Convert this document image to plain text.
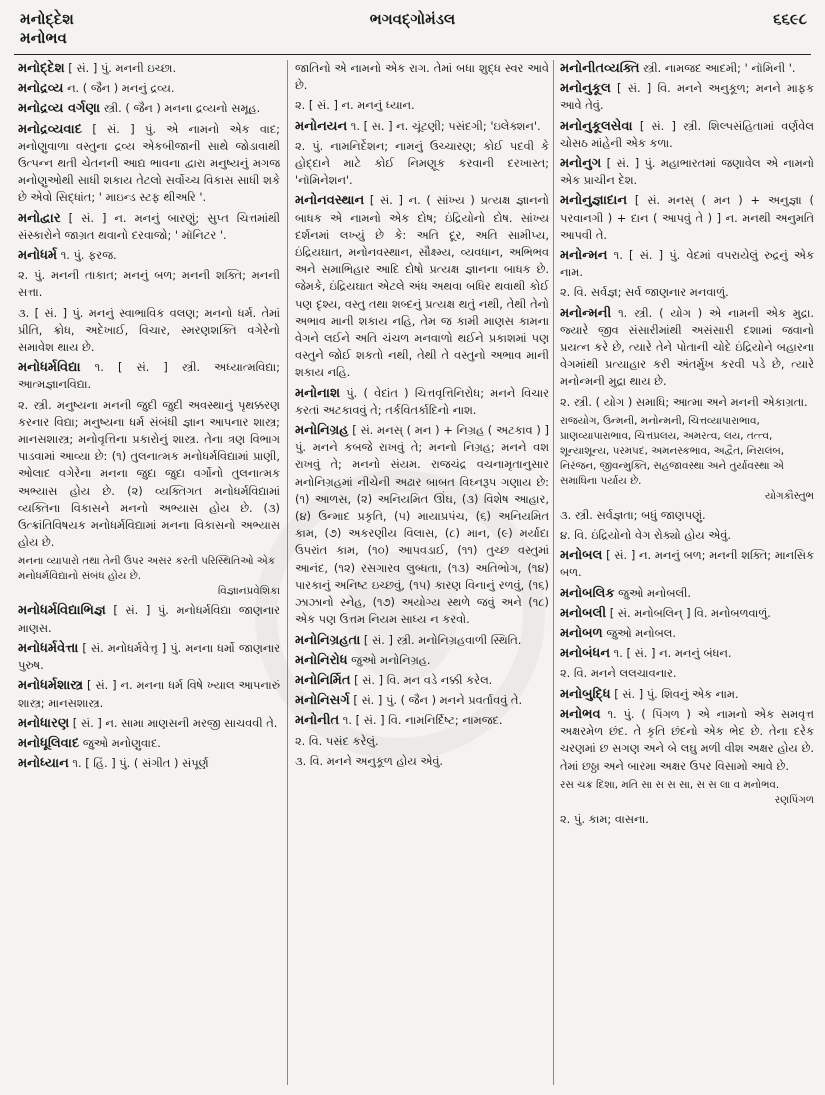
મનોદ્દેશ
મનોભવ
ભગવદ્ગોમંડલ	૬૬૯૮
મનોદ્દેશ [ સં. ] પું. મનની ઇચ્છા.
મનોદ્રવ્ય ન. ( જૈન ) મનનું દ્રવ્ય.
મનોદ્રવ્ય વર્ગણા સ્ત્રી. ( જૈન ) મનના દ્રવ્યનો સમૂહ.
મનોદ્રવ્યવાદ [ સં. ] પું. એ નામનો એક વાદ; મનોણુવાળા વસ્તુના દ્રવ્ય એકબીજાની સાથે જોડાવાથી ઉત્પન્ન થતી ચેતનની આદ્ય ભાવના દ્વારા મનુષ્યનું મગજ મનોણુઓથી સાધી શકાય તેટલો સર્વોચ્ચ વિકાસ સાધી શકે છે એવો સિદ્ધાંત; ' માઇન્ડ સ્ટફ થીઅરિ '.
મનોદ્વાર [ સં. ] ન. મનનું બારણું; સુપ્ત ચિત્તમાંથી સંસ્કારોને જાગ્રત થવાનો દરવાજો; ' મૉનિટર '.
મનોધર્મ ૧. પું. ફરજ.
૨. પું. મનની તાકાત; મનનું બળ; મનની શક્તિ; મનની સત્તા.
૩. [ સં. ] પું. મનનું સ્વાભાવિક વલણ; મનનો ધર્મ. તેમાં પ્રીતિ, ક્રોધ, અદેખાઈ, વિચાર, સ્મરણશક્તિ વગેરેનો સમાવેશ થાય છે.
મનોધર્મવિદ્યા ૧. [ સં. ] સ્ત્રી. અધ્યાત્મવિદ્યા; આત્મજ્ઞાનવિદ્યા.
૨. સ્ત્રી. મનુષ્યના મનની જુદી જુદી અવસ્થાનું પૃથક્કરણ કરનાર વિદ્યા; મનુષ્યના ધર્મ સંબંધી જ્ઞાન આપનાર શાસ્ત્ર; માનસશાસ્ત્ર; મનોવૃત્તિના પ્રકારોનું શાસ્ત્ર. તેના ત્રણ વિભાગ પાડવામાં આવ્યા છે: (૧) તુલનાત્મક મનોધર્મવિદ્યામાં પ્રાણી, ઓલાદ વગેરેના મનના જુદા જુદા વર્ગોનો તુલનાત્મક અભ્યાસ હોય છે. (૨) વ્યક્તિગત મનોધર્મવિદ્યામાં વ્યક્તિના વિકાસને મનનો અભ્યાસ હોય છે. (૩) ઉત્ક્રાંતિવિષયક મનોધર્મવિદ્યામાં મનના વિકાસનો અભ્યાસ હોય છે.
મનના વ્યાપારો તથા તેની ઉપર અસર કરતી પરિસ્થિતિઓ એક મનોધર્મવિદ્યાનો સંબંધ હોય છે.
વિજ્ઞાનપ્રવેશિકા
મનોધર્મવિદ્યાભિજ્ઞ [ સં. ] પું. મનોધર્મવિદ્યા જાણનાર માણસ.
મનોધર્મવેત્તા [ સં. મનોધર્મવેત્તૃ ] પું. મનના ધર્મો જાણનાર પુરુષ.
મનોધર્મશાસ્ત્ર [ સં. ] ન. મનના ધર્મ વિષે ખ્યાલ આપનારું શાસ્ત્ર; માનસશાસ્ત્ર.
મનોધારણ [ સં. ] ન. સામા માણસની મરજી સાચવવી તે.
મનોધૂલિવાદ જુઓ મનોણુવાદ.
મનોધ્યાન ૧. [ હિં. ] પું. ( સંગીત ) સંપૂર્ણ
જાતિનો એ નામનો એક રાગ. તેમાં બધા શુદ્ધ સ્વર આવે છે.
૨. [ સં. ] ન. મનનું ધ્યાન.
મનોનયન ૧. [ સ. ] ન. ચૂંટણી; પસંદગી; 'ઇલેક્શન'.
૨. પું. નામનિર્દેશન; નામનું ઉચ્ચારણ; કોઈ પદવી કે હોદ્દાને માટે કોઈ નિમણૂક કરવાની દરખાસ્ત; 'નૉમિનેશન'.
મનોનવસ્થાન [ સં. ] ન. ( સાંખ્ય ) પ્રત્યક્ષ જ્ઞાનનો બાધક એ નામનો એક દોષ; ઇંદ્રિયોનો દોષ. સાંખ્ય દર્શનમાં લખ્યું છે કે: અતિ દૂર, અતિ સામીપ્ય, ઇંદ્રિયઘાત, મનોનવસ્થાન, સૌક્ષ્મ્ય, વ્યવધાન, અભિભવ અને સમાભિહાર આદિ દોષો પ્રત્યક્ષ જ્ઞાનના બાધક છે. જેમકે, ઇંદ્રિયઘાત એટલે અંધ અથવા બધિર થવાથી કોઈ પણ દૃશ્ય, વસ્તુ તથા શબ્દનું પ્રત્યક્ષ થતું નથી, તેથી તેનો અભાવ માની શકાય નહિ, તેમ જ કામી માણસ કામના વેગને લઈને અતિ ચંચળ મનવાળો થઈને પ્રકાશમાં પણ વસ્તુને જોઈ શકતો નથી, તેથી તે વસ્તુનો અભાવ માની શકાય નહિ.
મનોનાશ પું. ( વેદાંત ) ચિત્તવૃત્તિનિરોધ; મનને વિચાર કરતાં અટકાવવું તે; તર્કવિતર્કાદિનો નાશ.
મનોનિગ્રહ [ સં. મનસ્ ( મન ) + નિગ્રહ ( અટકાવ ) ] પું. મનને કબજે રાખવું તે; મનનો નિગ્રહ; મનને વશ રાખવું તે; મનનો સંયમ. રાજચંદ્ર વચનામૃતાનુસાર મનોનિગ્રહમાં નીચેની અઢાર બાબત વિઘ્નરૂપ ગણાય છે: (૧) આળસ, (૨) અનિયમિત ઊંઘ, (૩) વિશેષ આહાર, (૪) ઉન્માદ પ્રકૃતિ, (૫) માયાપ્રપંચ, (૬) અનિયમિત કામ, (૭) અકરણીય વિલાસ, (૮) માન, (૯) મર્યાદા ઉપરાંત કામ, (૧૦) આપવડાઈ, (૧૧) તુચ્છ વસ્તુમાં આનંદ, (૧૨) રસગારવ લુબ્ધતા, (૧૩) અતિભોગ, (૧૪) પારકાનું અનિષ્ટ ઇચ્છવું, (૧૫) કારણ વિનાનું રળવું, (૧૬) ઝાઝાનો સ્નેહ, (૧૭) અયોગ્ય સ્થળે જવું અને (૧૮) એક પણ ઉત્તમ નિયમ સાધ્ય ન કરવો.
મનોનિગ્રહતા [ સં. ] સ્ત્રી. મનોનિગ્રહવાળી સ્થિતિ.
મનોનિરોધ જુઓ મનોનિગ્રહ.
મનોનિર્મિત [ સં. ] વિ. મન વડે નક્કી કરેલ.
મનોનિસર્ગ [ સં. ] પું. ( જૈન ) મનને પ્રવર્તાવવું તે.
મનોનીત ૧. [ સં. ] વિ. નામનિર્દિષ્ટ; નામજદ.
૨. વિ. પસંદ કરેલું.
૩. વિ. મનને અનુકૂળ હોય એવું.
મનોનીતવ્યક્તિ સ્ત્રી. નામજદ આદમી; ' નૉમિની '.
મનોનુકૂલ [ સં. ] વિ. મનને અનુકૂળ; મનને માફક આવે તેવું.
મનોનુકૂલસેવા [ સં. ] સ્ત્રી. શિલ્પસંહિતામાં વર્ણવેલ ચોસઠ માંહેની એક કળા.
મનોનુગ [ સં. ] પું. મહાભારતમાં જણાવેલ એ નામનો એક પ્રાચીન દેશ.
મનોનુજ્ઞાદાન [ સં. મનસ્ ( મન ) + અનુજ્ઞા ( પરવાનગી ) + દાન ( આપવું તે ) ] ન. મનથી અનુમતિ આપવી તે.
મનોન્મન ૧. [ સં. ] પું. વેદમાં વપરાયેલું રુદ્રનું એક નામ.
૨. વિ. સર્વજ્ઞ; સર્વ જાણનાર મનવાળું.
મનોન્મની ૧. સ્ત્રી. ( યોગ ) એ નામની એક મુદ્રા. જ્યારે જીવ સંસારીમાંથી અસંસારી દશામાં જવાનો પ્રયત્ન કરે છે, ત્યારે તેને પોતાની ચોદે ઇંદ્રિયોને બહારના વેગમાંથી પ્રત્યાહાર કરી અંતર્મુખ કરવી પડે છે, ત્યારે મનોન્મની મુદ્રા થાય છે.
૨. સ્ત્રી. ( યોગ ) સમાધિ; આત્મા અને મનની એકાગ્રતા.
રાજયોગ, ઉન્મની, મનોન્મની, ચિત્તવ્યાપારાભાવ, પ્રાણવ્યાપારાભાવ, ચિત્તપ્રલય, અમરત્વ, લય, તત્ત્વ, શૂન્યાશૂન્ય, પરમપદ, અમનસ્કભાવ, અદ્વૈત, નિરાલંબ, નિરંજન, જીવન્મુક્તિ, સહજાવસ્થા અને તુર્યાવસ્થા એ સમાધિના પર્યાય છે.
યોગકૌસ્તુભ
૩. સ્ત્રી. સર્વજ્ઞતા; બધું જાણપણું.
૪. વિ. ઇંદ્રિયોનો વેગ રોક્યો હોય એવું.
મનોબલ [ સં. ] ન. મનનું બળ; મનની શક્તિ; માનસિક બળ.
મનોબલિક જુઓ મનોબલી.
મનોબલી [ સં. મનોબલિન્ ] વિ. મનોબળવાળું.
મનોબળ જુઓ મનોબલ.
મનોબંધન ૧. [ સં. ] ન. મનનું બંધન.
૨. વિ. મનને લલચાવનાર.
મનોબુદ્ધિ [ સં. ] પું. શિવનું એક નામ.
મનોભવ ૧. પું. ( પિંગળ ) એ નામનો એક સમવૃત્ત અક્ષરમેળ છંદ. તે કૃતિ છંદનો એક ભેદ છે. તેના દરેક ચરણમાં છ સગણ અને બે લઘુ મળી વીશ અક્ષર હોય છે. તેમાં છઠ્ઠા અને બારમા અક્ષર ઉપર વિસામો આવે છે.
રસ ચક્ર દિશા, મતિ સા સ સ સા, સ સ લા વ મનોભવ.
રણપિંગળ
૨. પું. કામ; વાસના.
